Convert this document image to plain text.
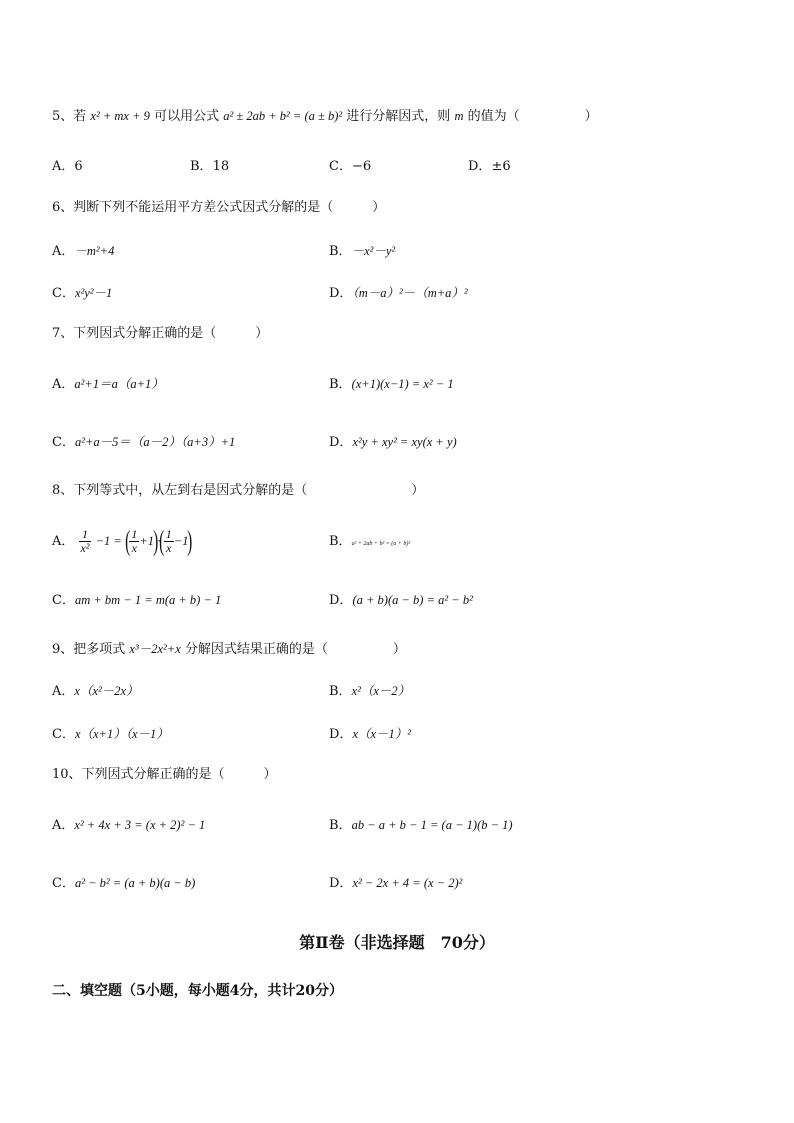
5、若 x² + mx + 9 可以用公式 a² ± 2ab + b² = (a ± b)² 进行分解因式，则 m 的值为（　　　　　）
A．6	B．18	C．−6	D．±6
6、判断下列不能运用平方差公式因式分解的是（　　　）
A．－m²+4	B．－x²－y²
C．x²y²－1	D．（m－a）²－（m+a）²
7、下列因式分解正确的是（　　　）
A．a²+1＝a（a+1）	B．(x+1)(x−1) = x² − 1
C．a²+a－5＝（a－2）（a+3）+1	D．x²y + xy² = xy(x + y)
8、下列等式中，从左到右是因式分解的是（　　　　　　　　）
A． $\frac{1}{\text{x²}} -1$ = ( $\frac{1}{x} +1)\cdot( \frac{1}{x} -1)$	B．a² + 2ab + b² = (a + b)²
C．am + bm − 1 = m(a + b) − 1	D．(a + b)(a − b) = a² − b²
9、把多项式 x³－2x²+x 分解因式结果正确的是（　　　　　）
A．x（x²－2x）	B．x²（x－2）
C．x（x+1）（x－1）	D．x（x－1）²
10、下列因式分解正确的是（　　　）
A．x² + 4x + 3 = (x + 2)² − 1	B．ab − a + b − 1 = (a − 1)(b − 1)
C．a² − b² = (a + b)(a − b)	D．x² − 2x + 4 = (x − 2)²
第Ⅱ卷（非选择题　70分）
二、填空题（5小题，每小题4分，共计20分）
